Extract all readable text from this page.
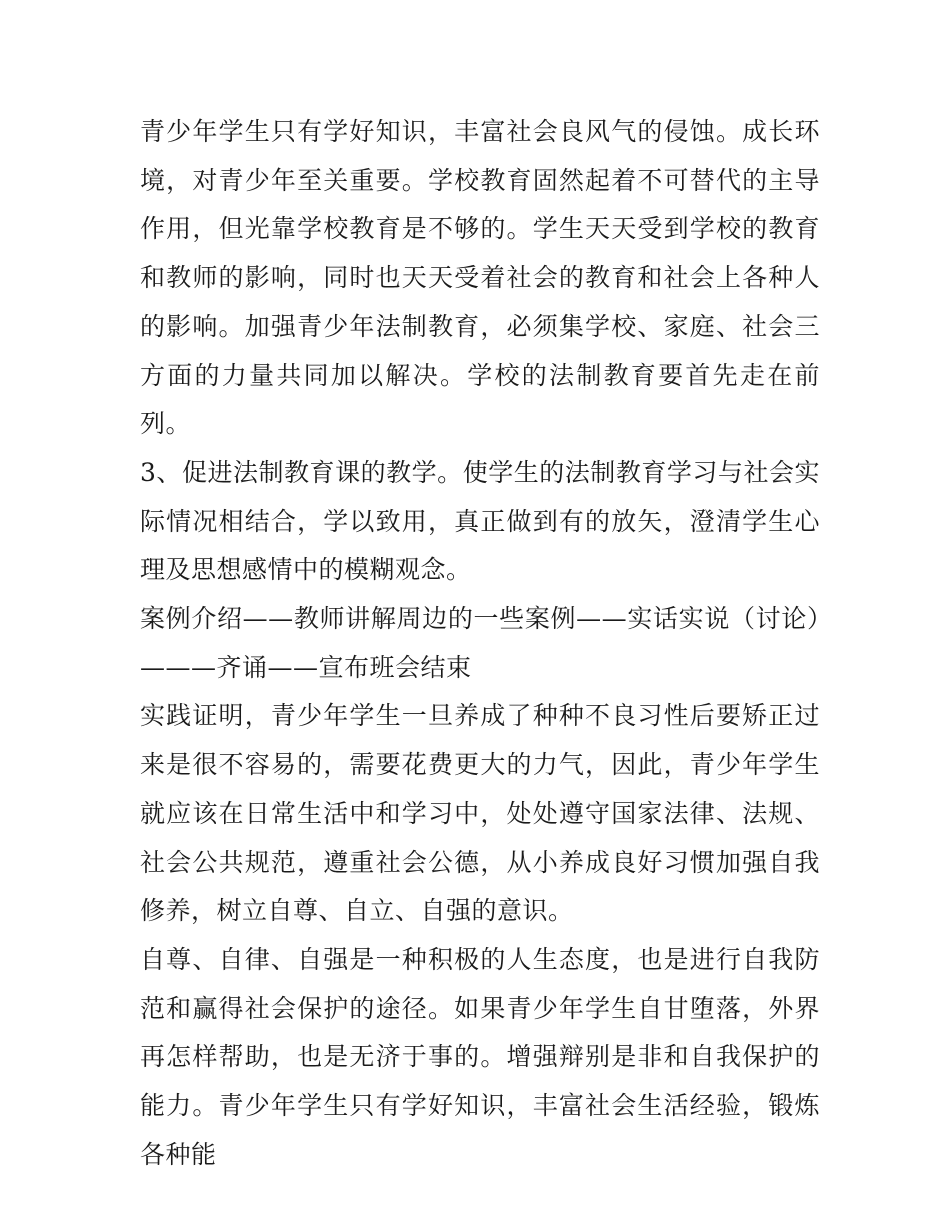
青少年学生只有学好知识，丰富社会良风气的侵蚀。成长环境，对青少年至关重要。学校教育固然起着不可替代的主导作用，但光靠学校教育是不够的。学生天天受到学校的教育和教师的影响，同时也天天受着社会的教育和社会上各种人的影响。加强青少年法制教育，必须集学校、家庭、社会三方面的力量共同加以解决。学校的法制教育要首先走在前列。

3、促进法制教育课的教学。使学生的法制教育学习与社会实际情况相结合，学以致用，真正做到有的放矢，澄清学生心理及思想感情中的模糊观念。

案例介绍——教师讲解周边的一些案例——实话实说（讨论）———齐诵——宣布班会结束

实践证明，青少年学生一旦养成了种种不良习性后要矫正过来是很不容易的，需要花费更大的力气，因此，青少年学生就应该在日常生活中和学习中，处处遵守国家法律、法规、社会公共规范，遵重社会公德，从小养成良好习惯加强自我修养，树立自尊、自立、自强的意识。

自尊、自律、自强是一种积极的人生态度，也是进行自我防范和赢得社会保护的途径。如果青少年学生自甘堕落，外界再怎样帮助，也是无济于事的。增强辩别是非和自我保护的能力。青少年学生只有学好知识，丰富社会生活经验，锻炼各种能
